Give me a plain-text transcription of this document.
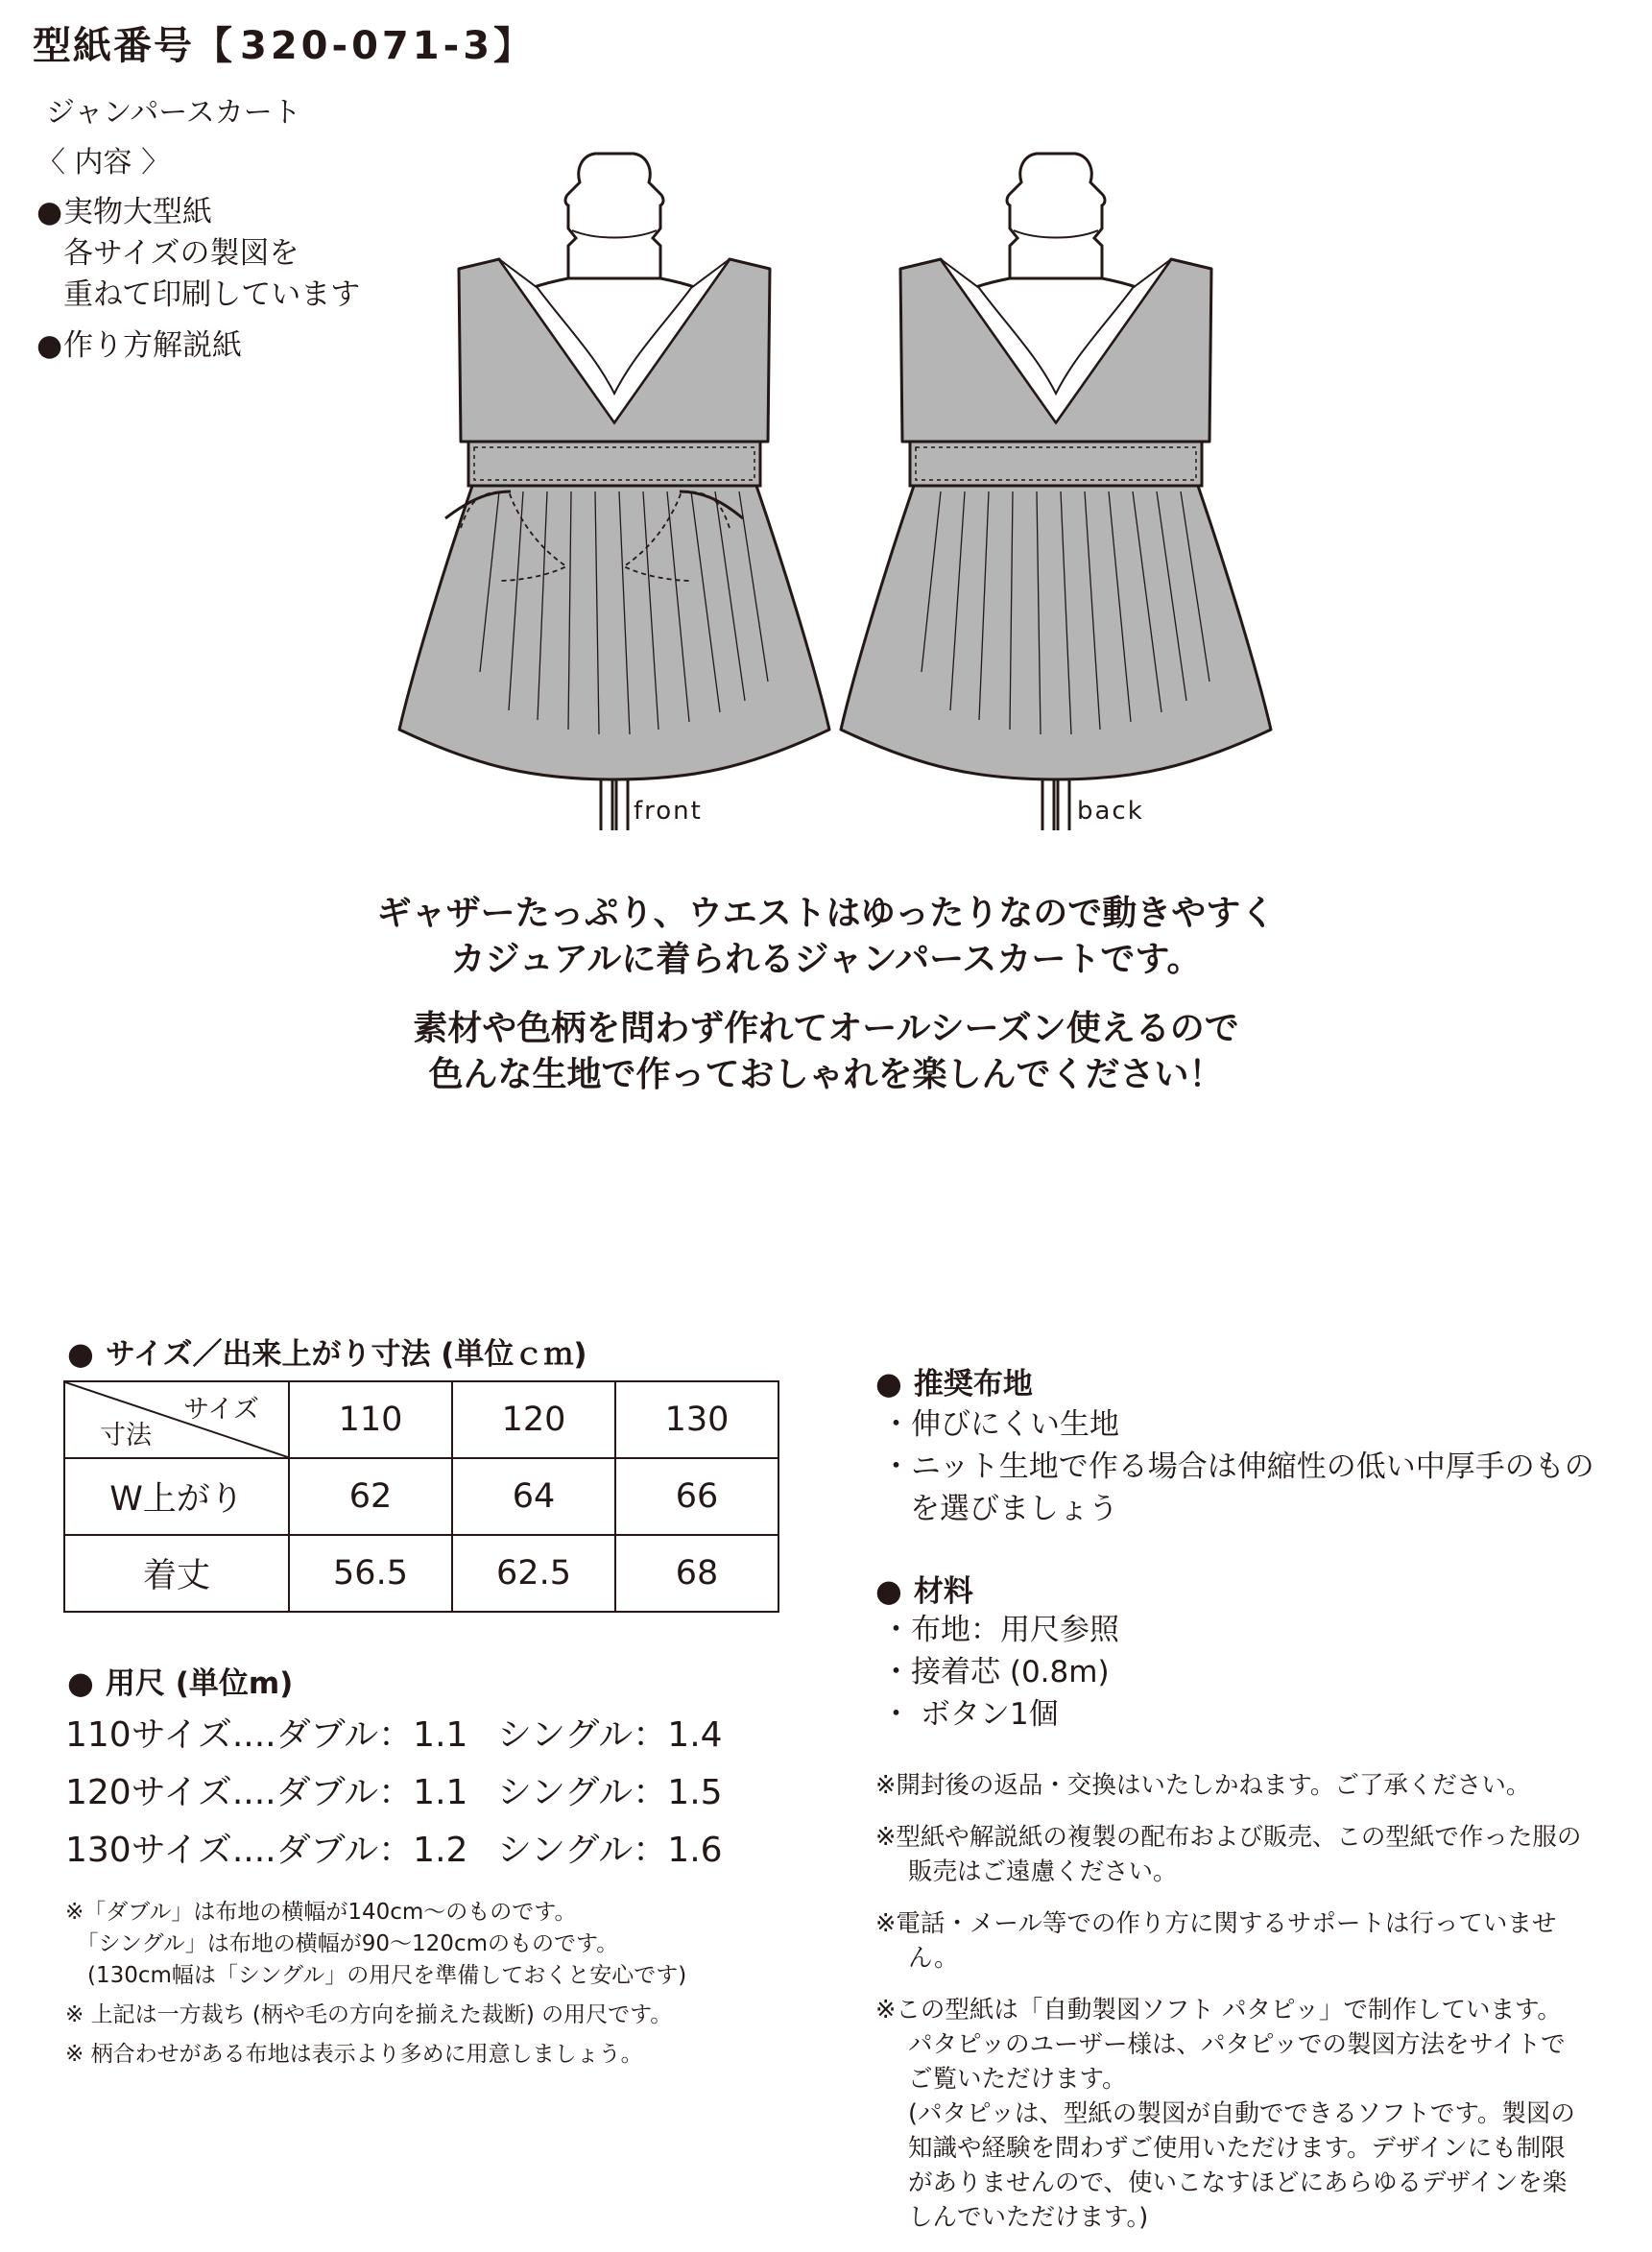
型紙番号【 320-071-3】
ジャンパースカート
〈 内容 〉
●実物大型紙
各サイズの製図を
重ねて印刷しています
●作り方解説紙
front	back
ギャザーたっぷり、ウエストはゆったりなので動きやすく
カジュアルに着られるジャンパースカートです。
素材や色柄を問わず作れてオールシーズン使えるので
色んな生地で作っておしゃれを楽しんでください！
● サイズ／出来上がり寸法 (単位ｃｍ)
サイズ
寸法	110	120	130
W上がり	62	64	66
着丈	56.5	62.5	68
● 用尺 (単位m)
110サイズ....ダブル：1.1 シングル：1.4
120サイズ....ダブル：1.1 シングル：1.5
130サイズ....ダブル：1.2 シングル：1.6
※「ダブル」は布地の横幅が140cm～のものです。
　「シングル」は布地の横幅が90～120cmのものです。
　(130cm幅は「シングル」の用尺を準備しておくと安心です)
※ 上記は一方裁ち (柄や毛の方向を揃えた裁断) の用尺です。
※ 柄合わせがある布地は表示より多めに用意しましょう。
● 推奨布地
・伸びにくい生地
・ニット生地で作る場合は伸縮性の低い中厚手のものを選びましょう
● 材料
・布地：用尺参照
・接着芯 (0.8m)
・ ボタン1個
※開封後の返品・交換はいたしかねます。ご了承ください。
※型紙や解説紙の複製の配布および販売、この型紙で作った服の販売はご遠慮ください。
※電話・メール等での作り方に関するサポートは行っていません。
※この型紙は「自動製図ソフト パタピッ」で制作しています。パタピッのユーザー様は、パタピッでの製図方法をサイトでご覧いただけます。
(パタピッは、型紙の製図が自動でできるソフトです。製図の知識や経験を問わずご使用いただけます。デザインにも制限がありませんので、使いこなすほどにあらゆるデザインを楽しんでいただけます。)
